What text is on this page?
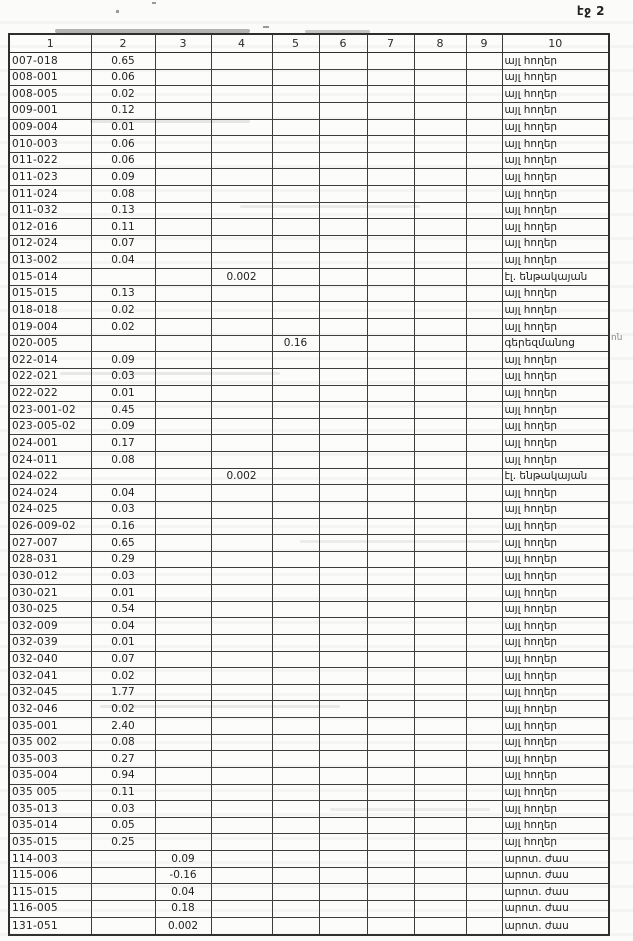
էջ 2
ոն
1	2	3	4	5	6	7	8	9	10
007-018	0.65								այլ հողեր
008-001	0.06								այլ հողեր
008-005	0.02								այլ հողեր
009-001	0.12								այլ հողեր
009-004	0.01								այլ հողեր
010-003	0.06								այլ հողեր
011-022	0.06								այլ հողեր
011-023	0.09								այլ հողեր
011-024	0.08								այլ հողեր
011-032	0.13								այլ հողեր
012-016	0.11								այլ հողեր
012-024	0.07								այլ հողեր
013-002	0.04								այլ հողեր
015-014			0.002						էլ. ենթակայան
015-015	0.13								այլ հողեր
018-018	0.02								այլ հողեր
019-004	0.02								այլ հողեր
020-005				0.16					գերեզմանոց
022-014	0.09								այլ հողեր
022-021	0.03								այլ հողեր
022-022	0.01								այլ հողեր
023-001-02	0.45								այլ հողեր
023-005-02	0.09								այլ հողեր
024-001	0.17								այլ հողեր
024-011	0.08								այլ հողեր
024-022			0.002						էլ. ենթակայան
024-024	0.04								այլ հողեր
024-025	0.03								այլ հողեր
026-009-02	0.16								այլ հողեր
027-007	0.65								այլ հողեր
028-031	0.29								այլ հողեր
030-012	0.03								այլ հողեր
030-021	0.01								այլ հողեր
030-025	0.54								այլ հողեր
032-009	0.04								այլ հողեր
032-039	0.01								այլ հողեր
032-040	0.07								այլ հողեր
032-041	0.02								այլ հողեր
032-045	1.77								այլ հողեր
032-046	0.02								այլ հողեր
035-001	2.40								այլ հողեր
035 002	0.08								այլ հողեր
035-003	0.27								այլ հողեր
035-004	0.94								այլ հողեր
035 005	0.11								այլ հողեր
035-013	0.03								այլ հողեր
035-014	0.05								այլ հողեր
035-015	0.25								այլ հողեր
114-003		0.09							արոտ. ժաս
115-006		-0.16							արոտ. ժաս
115-015		0.04							արոտ. ժաս
116-005		0.18							արոտ. ժաս
131-051		0.002							արոտ. ժաս
